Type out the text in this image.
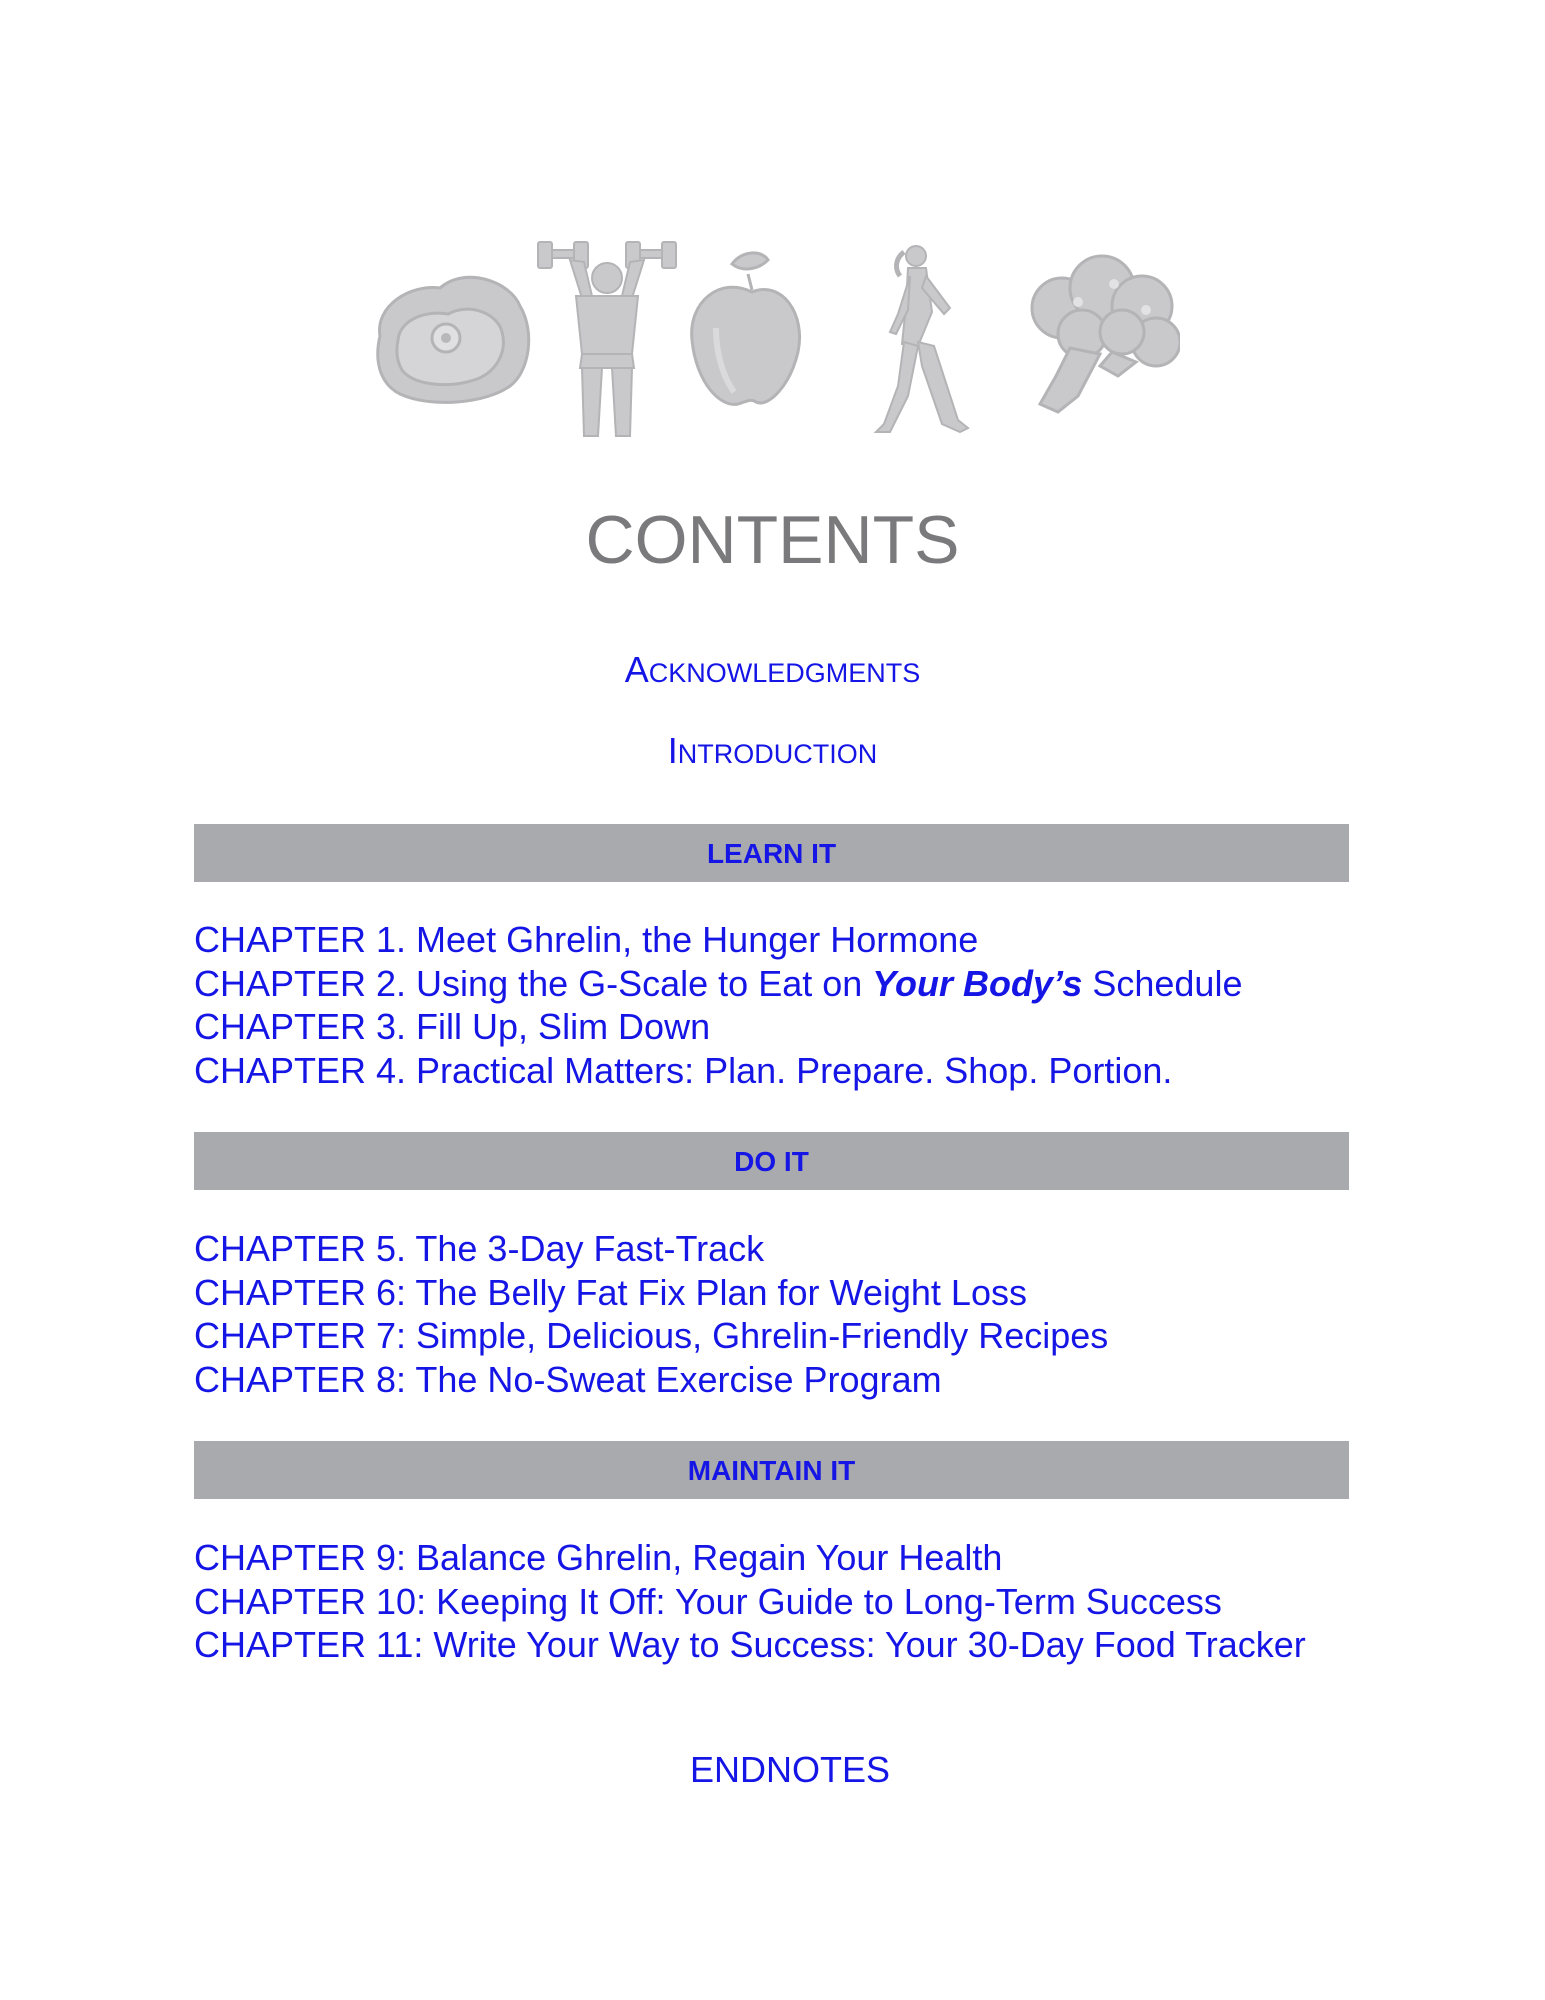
CONTENTS
ACKNOWLEDGMENTS
INTRODUCTION
LEARN IT
CHAPTER 1. Meet Ghrelin, the Hunger Hormone
CHAPTER 2. Using the G-Scale to Eat on Your Body’s Schedule
CHAPTER 3. Fill Up, Slim Down
CHAPTER 4. Practical Matters: Plan. Prepare. Shop. Portion.
DO IT
CHAPTER 5. The 3-Day Fast-Track
CHAPTER 6: The Belly Fat Fix Plan for Weight Loss
CHAPTER 7: Simple, Delicious, Ghrelin-Friendly Recipes
CHAPTER 8: The No-Sweat Exercise Program
MAINTAIN IT
CHAPTER 9: Balance Ghrelin, Regain Your Health
CHAPTER 10: Keeping It Off: Your Guide to Long-Term Success
CHAPTER 11: Write Your Way to Success: Your 30-Day Food Tracker
ENDNOTES
